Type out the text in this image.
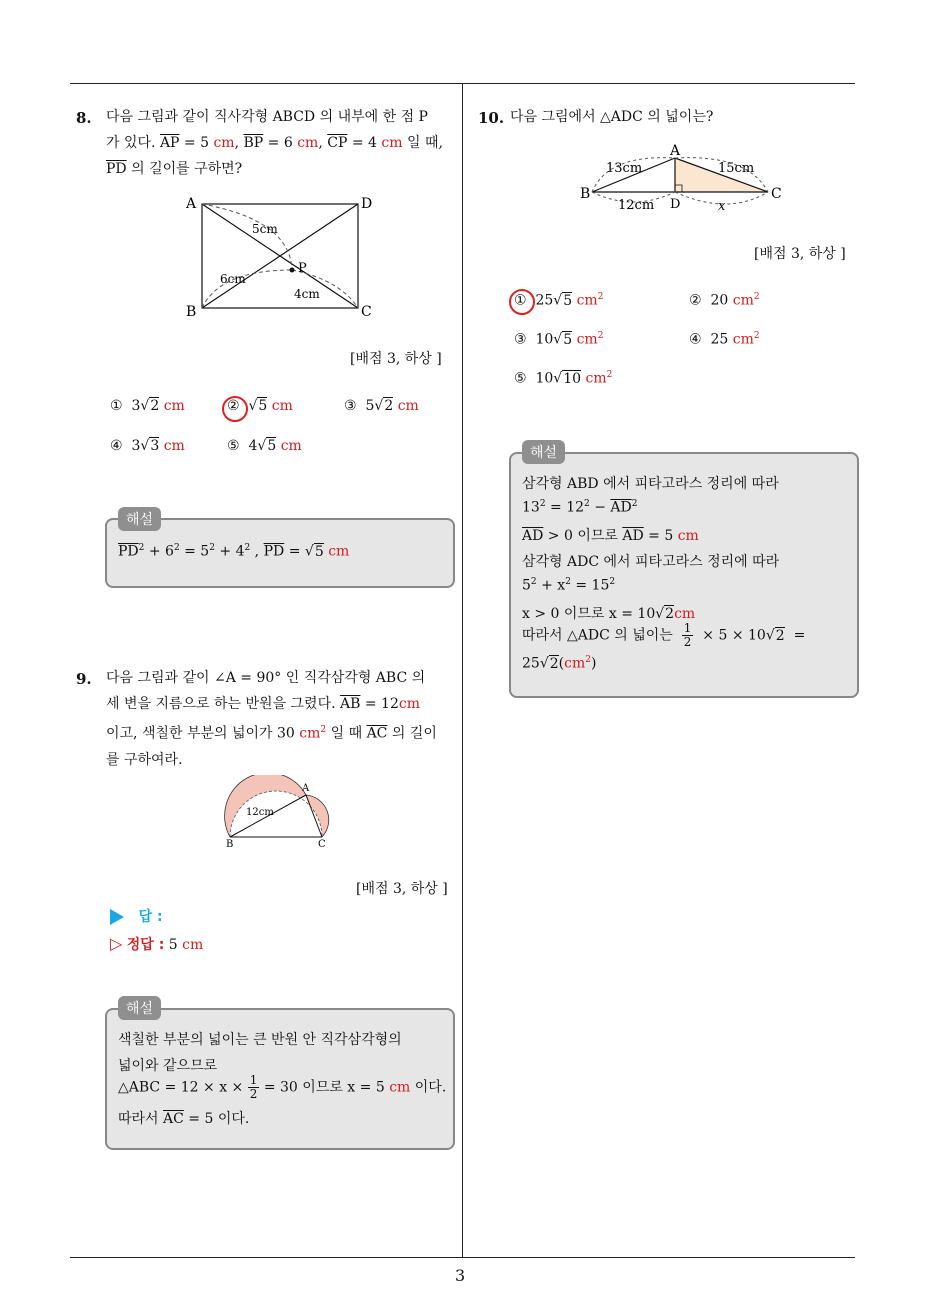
3
8. 다음 그림과 같이 직사각형 ABCD 의 내부에 한 점 P
가 있다. $\overline{AP} = 5$ cm, $\overline{BP} = 6$ cm, $\overline{CP} = 4$ cm 일 때,
$\overline{PD}$ 의 길이를 구하면?
A	D
B	C
P
5cm
6cm
4cm
[배점 3, 하상 ]
① 3√2 cm	②  √5 cm	③ 5√2 cm
④ 3√3 cm	⑤ 4√5 cm
해설
$\overline{PD}^2 + 6^2 = 5^2 + 4^2$ , $\overline{PD} = √5$ cm
9. 다음 그림과 같이 ∠A = 90° 인 직각삼각형 ABC 의
세 변을 지름으로 하는 반원을 그렸다. $\overline{AB} = 12cm$
이고, 색칠한 부분의 넓이가 30 $cm^2$ 일 때 $\overline{AC}$ 의 길이
를 구하여라.
A
B	C
12cm
[배점 3, 하상 ]
답 :
▷ 정답 : 5 cm
해설
색칠한 부분의 넓이는 큰 반원 안 직각삼각형의
넓이와 같으므로
△ABC = $12 \times x \times \frac{1}{2} = 30$ 이므로 x = 5 cm 이다.
따라서 $\overline{AC} = 5$ 이다.
10. 다음 그림에서 △ADC 의 넓이는?
A
B	C
D
13cm	15cm
12cm	x
[배점 3, 하상 ]
① 25√5 $cm^2$	② 20 $cm^2$
③ 10√5 $cm^2$	④ 25 $cm^2$
⑤ 10√10 $cm^2$
해설
삼각형 ABD 에서 피타고라스 정리에 따라
$13^2 = 12^2 - \overline{AD}^2$
$\overline{AD} > 0$ 이므로 $\overline{AD} = 5$ cm
삼각형 ADC 에서 피타고라스 정리에 따라
$5^2 + x^2 = 15^2$
x > 0 이므로 x = 10√2cm
따라서 △ADC 의 넓이는 $\frac{1}{2} \times 5 \times 10√2$ =
$25√2(cm^2)$
